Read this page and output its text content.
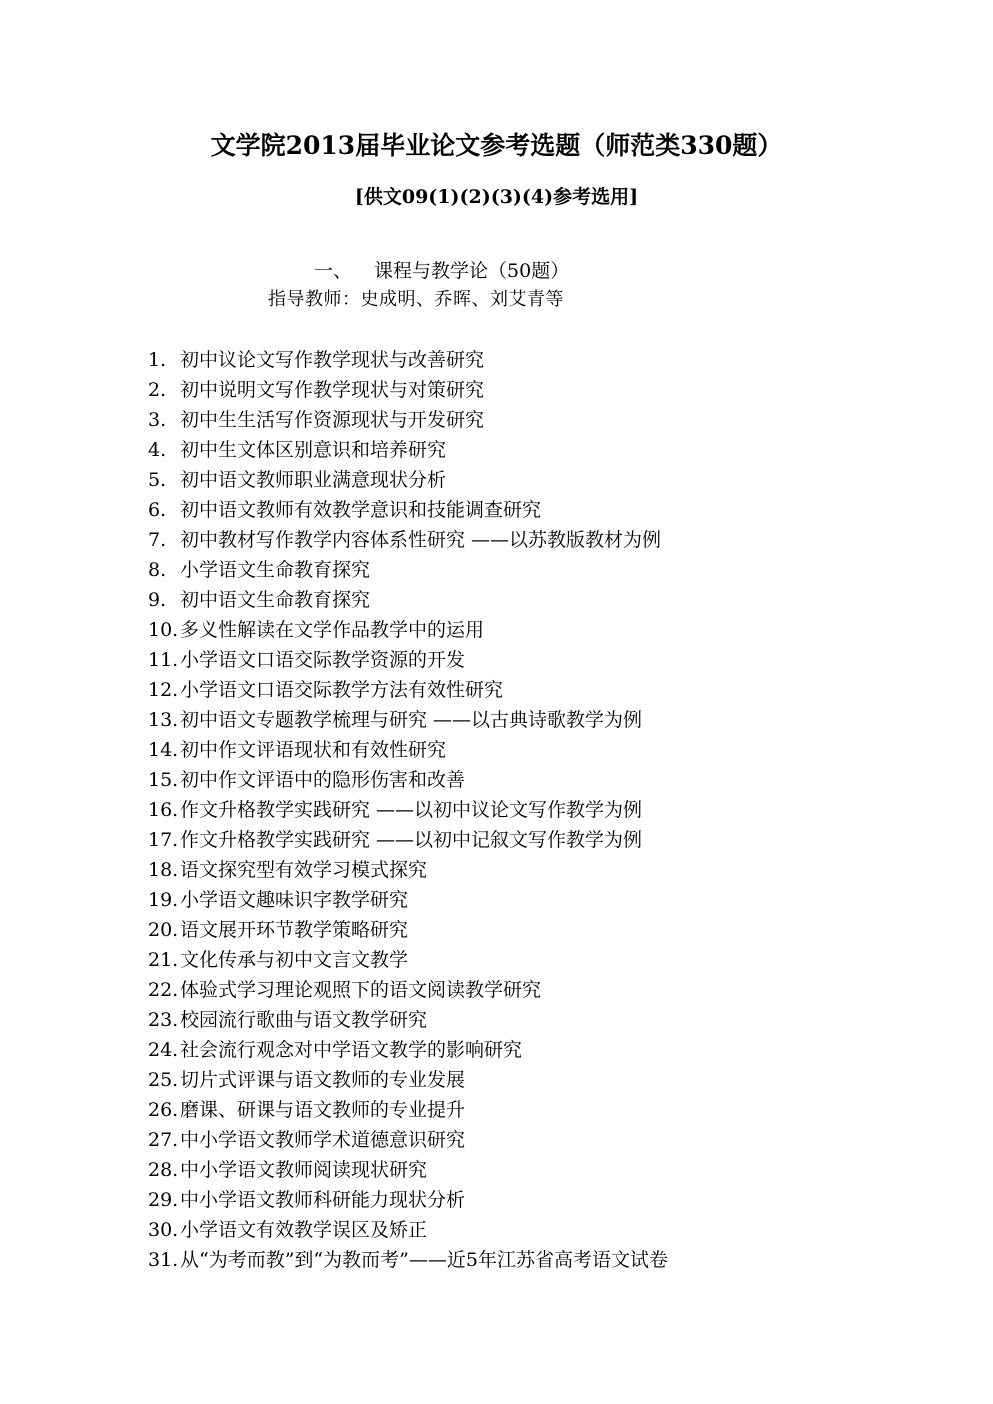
文学院2013届毕业论文参考选题（师范类330题）
[供文09(1)(2)(3)(4)参考选用]
一、 课程与教学论（50题）
指导教师：史成明、乔晖、刘艾青等
1. 初中议论文写作教学现状与改善研究
2. 初中说明文写作教学现状与对策研究
3. 初中生生活写作资源现状与开发研究
4. 初中生文体区别意识和培养研究
5. 初中语文教师职业满意现状分析
6. 初中语文教师有效教学意识和技能调查研究
7. 初中教材写作教学内容体系性研究 ——以苏教版教材为例
8. 小学语文生命教育探究
9. 初中语文生命教育探究
10. 多义性解读在文学作品教学中的运用
11. 小学语文口语交际教学资源的开发
12. 小学语文口语交际教学方法有效性研究
13. 初中语文专题教学梳理与研究 ——以古典诗歌教学为例
14. 初中作文评语现状和有效性研究
15. 初中作文评语中的隐形伤害和改善
16. 作文升格教学实践研究 ——以初中议论文写作教学为例
17. 作文升格教学实践研究 ——以初中记叙文写作教学为例
18. 语文探究型有效学习模式探究
19. 小学语文趣味识字教学研究
20. 语文展开环节教学策略研究
21. 文化传承与初中文言文教学
22. 体验式学习理论观照下的语文阅读教学研究
23. 校园流行歌曲与语文教学研究
24. 社会流行观念对中学语文教学的影响研究
25. 切片式评课与语文教师的专业发展
26. 磨课、研课与语文教师的专业提升
27. 中小学语文教师学术道德意识研究
28. 中小学语文教师阅读现状研究
29. 中小学语文教师科研能力现状分析
30. 小学语文有效教学误区及矫正
31. 从“为考而教”到“为教而考”——近5年江苏省高考语文试卷
